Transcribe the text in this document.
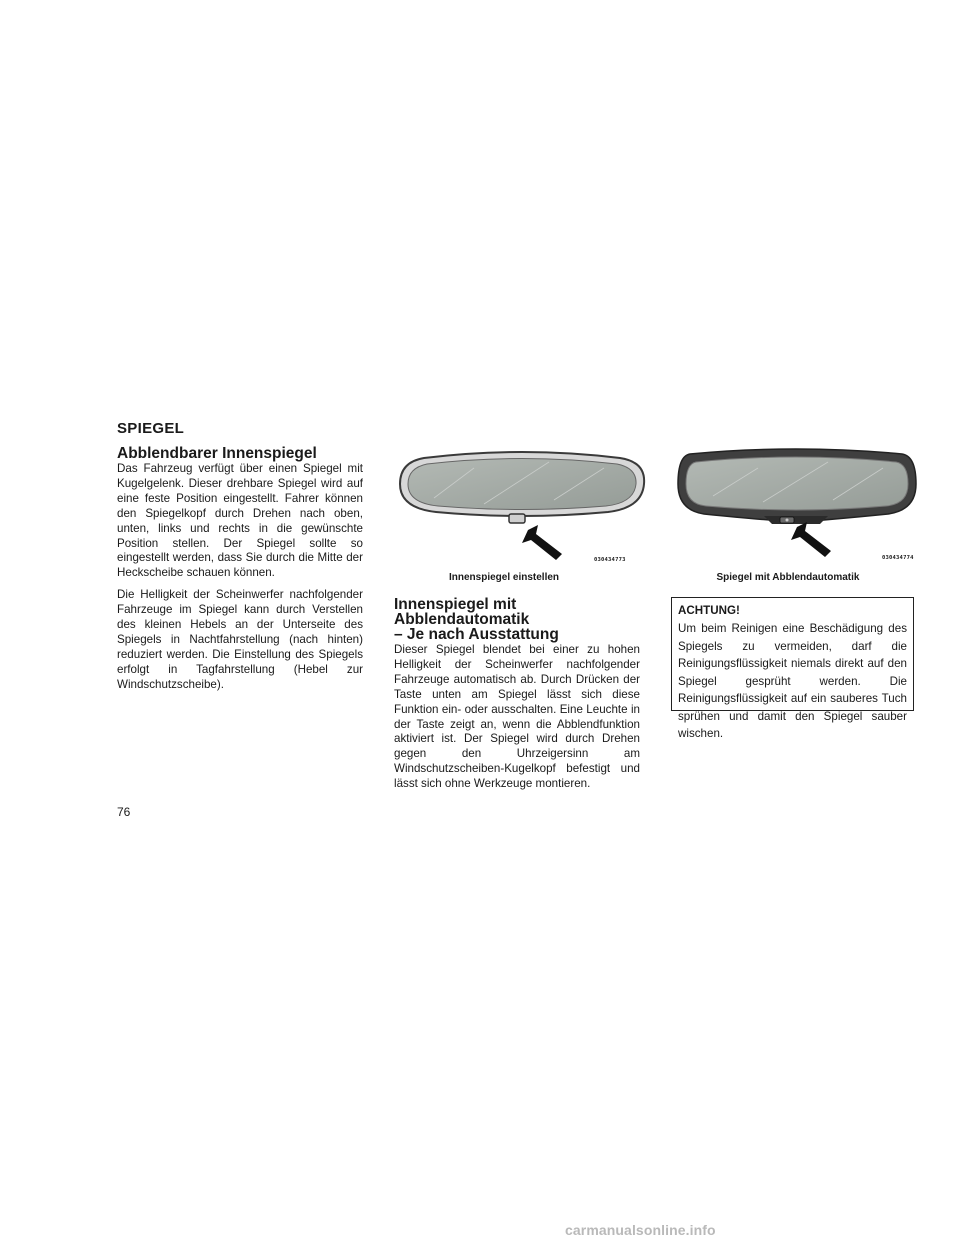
SPIEGEL
Abblendbarer Innenspiegel

Das Fahrzeug verfügt über einen Spiegel mit Kugelgelenk. Dieser drehbare Spiegel wird auf eine feste Position eingestellt. Fahrer können den Spiegelkopf durch Drehen nach oben, unten, links und rechts in die gewünschte Position stellen. Der Spiegel sollte so eingestellt werden, dass Sie durch die Mitte der Heckscheibe schauen können.

Die Helligkeit der Scheinwerfer nachfolgender Fahrzeuge im Spiegel kann durch Verstellen des kleinen Hebels an der Unterseite des Spiegels in Nachtfahrstellung (nach hinten) reduziert werden. Die Einstellung des Spiegels erfolgt in Tagfahrstellung (Hebel zur Windschutzscheibe).

030434773
Innenspiegel einstellen
030434774
Spiegel mit Abblendautomatik
Innenspiegel mit Abblendautomatik
– Je nach Ausstattung
Dieser Spiegel blendet bei einer zu hohen Helligkeit der Scheinwerfer nachfolgender Fahrzeuge automatisch ab. Durch Drücken der Taste unten am Spiegel lässt sich diese Funktion ein- oder ausschalten. Eine Leuchte in der Taste zeigt an, wenn die Abblendfunktion aktiviert ist. Der Spiegel wird durch Drehen gegen den Uhrzeigersinn am Windschutzscheiben-Kugelkopf befestigt und lässt sich ohne Werkzeuge montieren.
ACHTUNG!
Um beim Reinigen eine Beschädigung des Spiegels zu vermeiden, darf die Reinigungsflüssigkeit niemals direkt auf den Spiegel gesprüht werden. Die Reinigungsflüssigkeit auf ein sauberes Tuch sprühen und damit den Spiegel sauber wischen.
76
carmanualsonline.info
